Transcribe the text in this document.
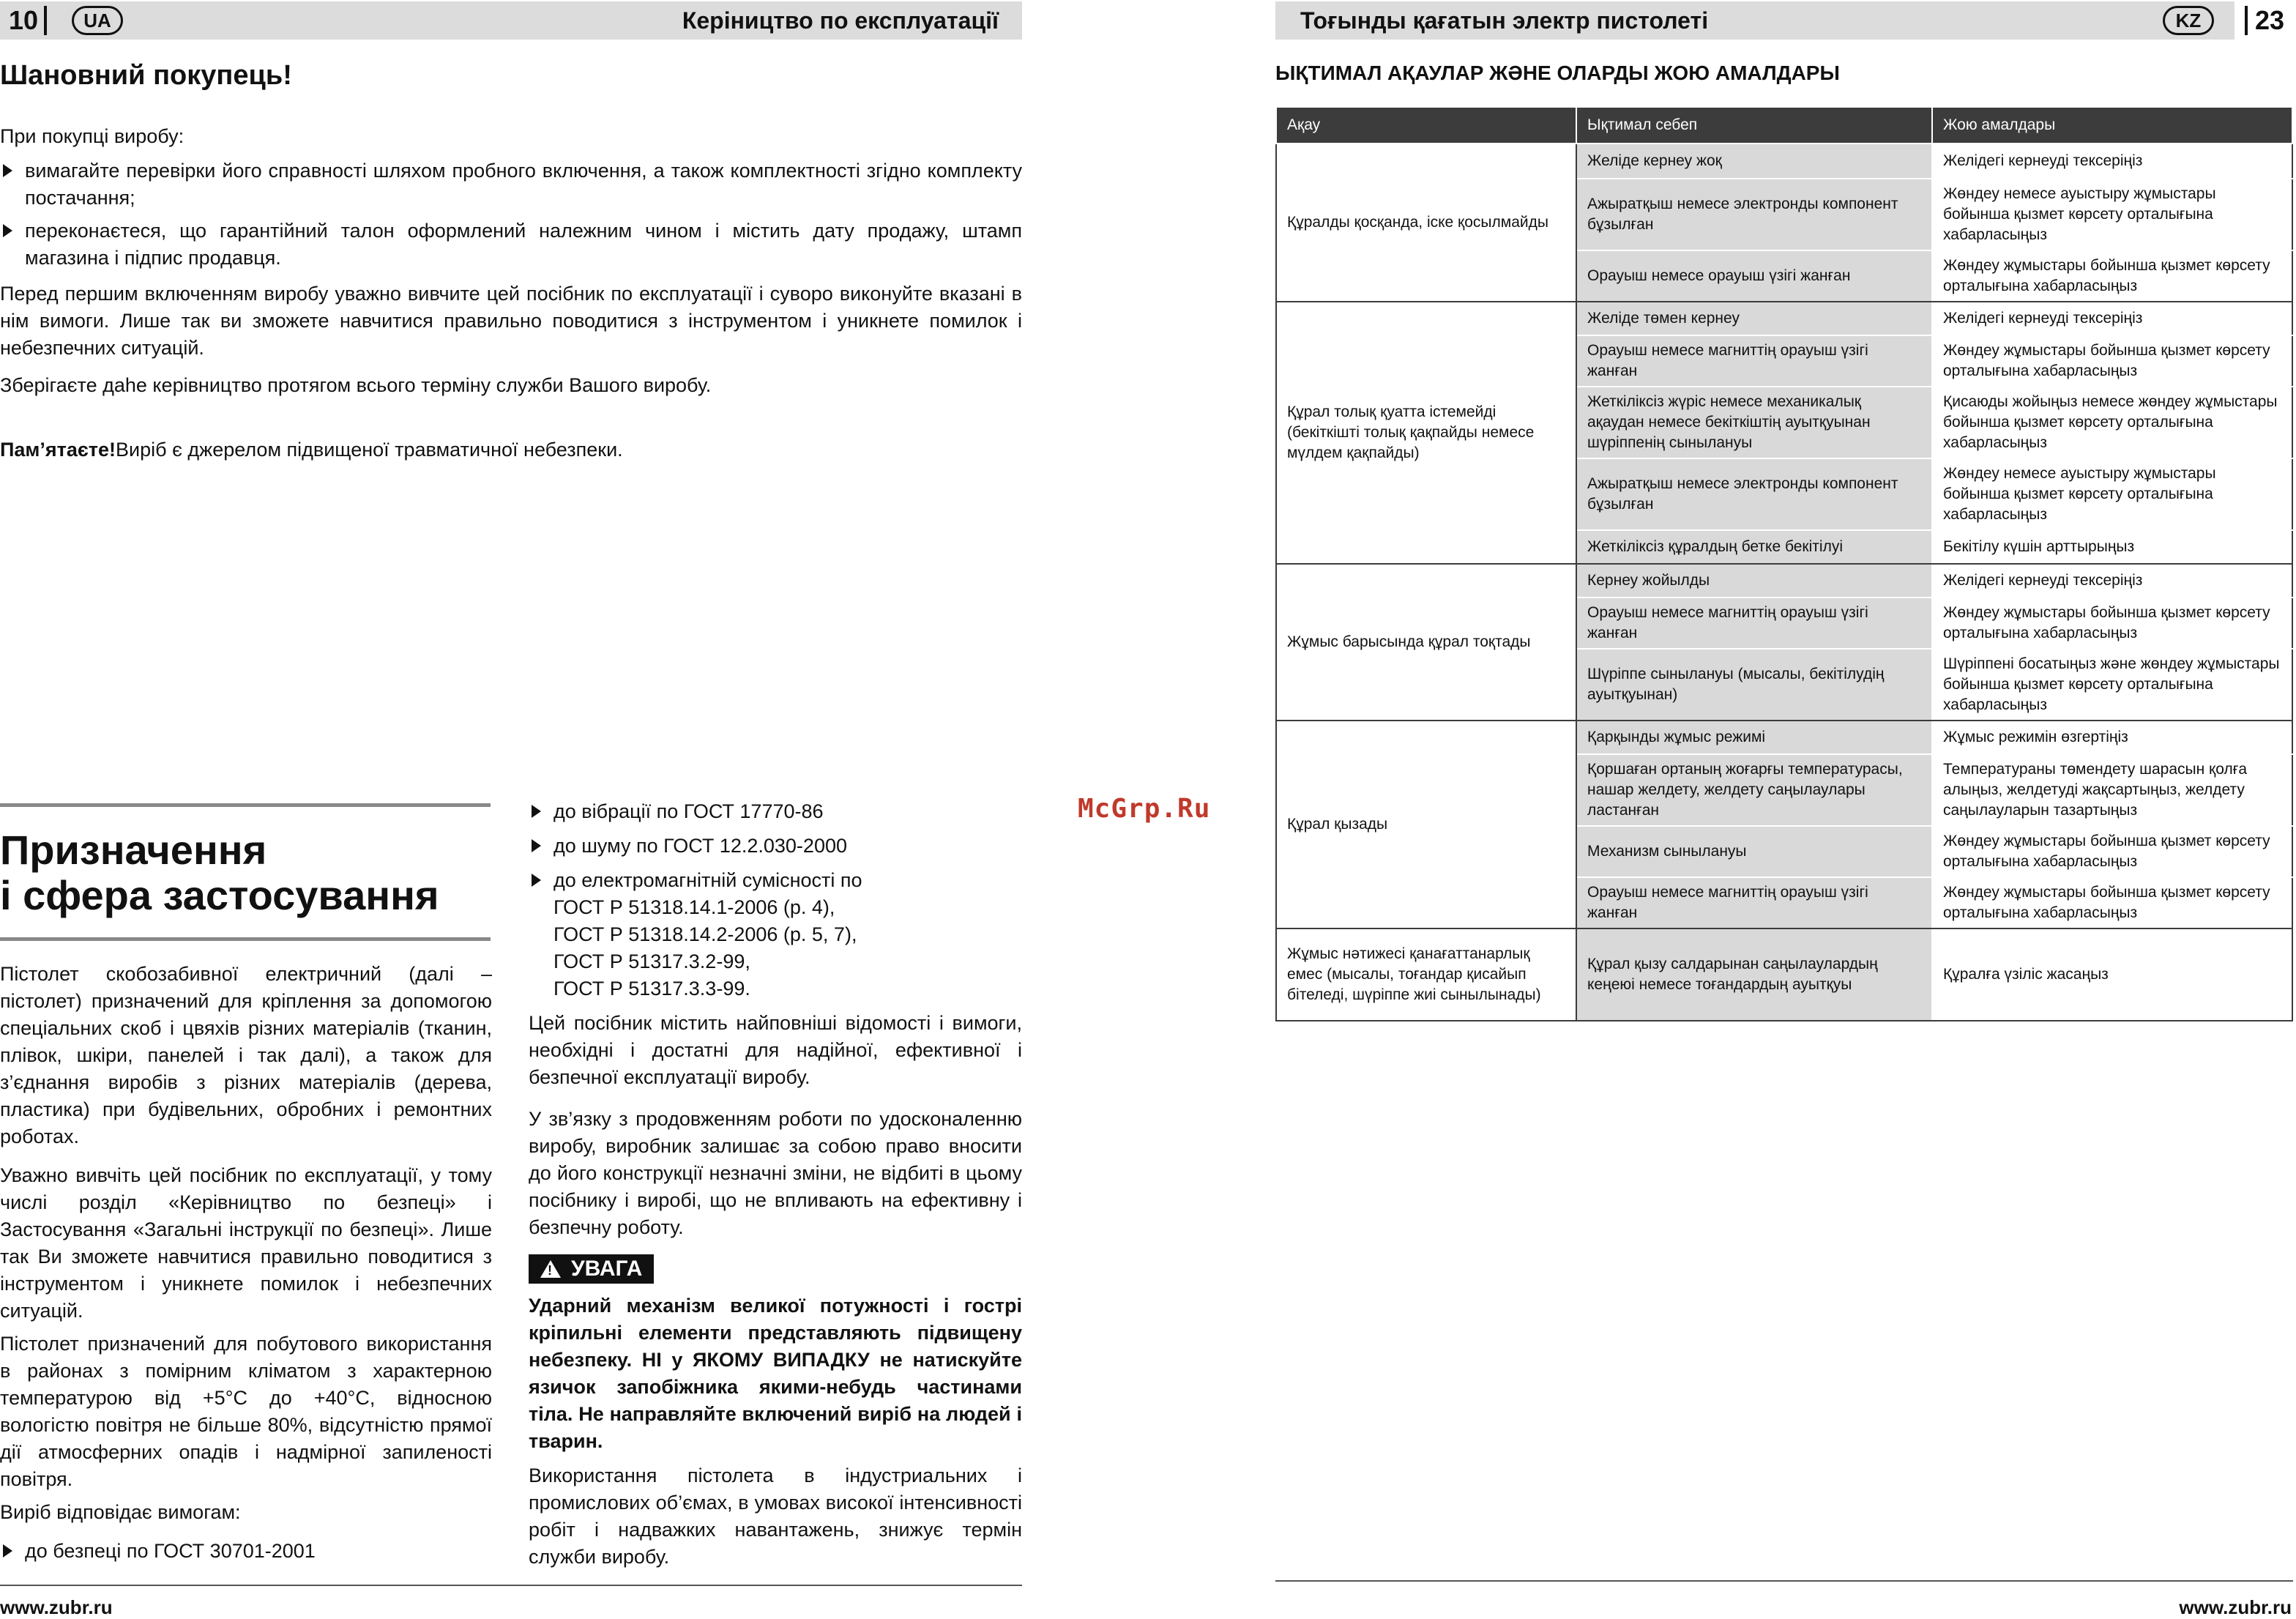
10	UA	Керіництво по експлуатації
Шановний покупець!

При покупці виробу:

вимагайте перевірки його справності шляхом пробного включення, а також комплектності згідно комплекту постачання;

переконаєтеся, що гарантійний талон оформлений належним чином і містить дату продажу, штамп магазина і підпис продавця.

Перед першим включенням виробу уважно вивчите цей посібник по експлуатації і суворо виконуйте вказані в нім вимоги. Лише так ви зможете навчитися правильно поводитися з інструментом і уникнете помилок і небезпечних ситуацій.

Зберігаєте даhe керівництво протягом всього терміну служби Вашого виробу.

Пам’ятаєте!Виріб є джерелом підвищеної травматичної небезпеки.

Призначення
і сфера застосування

Пістолет скобозабивної електричний (далі – пістолет) призначений для кріплення за допомогою спеціальних скоб і цвяхів різних матеріалів (тканин, плівок, шкіри, панелей і так далі), а також для з’єднання виробів з різних матеріалів (дерева, пластика) при будівельних, обробних і ремонтних роботах.

Уважно вивчіть цей посібник по експлуатації, у тому числі розділ «Керівництво по безпеці» і Застосування «Загальні інструкції по безпеці». Лише так Ви зможете навчитися правильно поводитися з інструментом і уникнете помилок і небезпечних ситуацій.

Пістолет призначений для побутового використання в районах з помірним кліматом з характерною температурою від +5°С до +40°С, відносною вологістю повітря не більше 80%, відсутністю прямої дії атмосферних опадів і надмірної запиленості повітря.

Виріб відповідає вимогам:

до безпеці по ГОСТ 30701-2001

до вібрації по ГОСТ 17770-86

до шуму по ГОСТ 12.2.030-2000

до електромагнітній сумісності по
ГОСТ Р 51318.14.1-2006 (р. 4),
ГОСТ Р 51318.14.2-2006 (р. 5, 7),
ГОСТ Р 51317.3.2-99,
ГОСТ Р 51317.3.3-99.

Цей посібник містить найповніші відомості і вимоги, необхідні і достатні для надійної, ефективної і безпечної експлуатації виробу.

У зв’язку з продовженням роботи по удосконаленню виробу, виробник залишає за собою право вносити до його конструкції незначні зміни, не відбиті в цьому посібнику і виробі, що не впливають на ефективну і безпечну роботу.

! УВАГА

Ударний механізм великої потужності і гострі кріпильні елементи представляють підвищену небезпеку. НІ у ЯКОМУ ВИПАДКУ не натискуйте язичок запобіжника якими-небудь частинами тіла. Не направляйте включений виріб на людей і тварин.

Використання пістолета в індустриальних і промислових об’ємах, в умовах високої інтенсивності робіт і надважких навантажень, знижує термін служби виробу.

www.zubr.ru
McGrp.Ru
Тоғынды қағатын электр пистолеті	KZ	23
ЫҚТИМАЛ АҚАУЛАР ЖӘНЕ ОЛАРДЫ ЖОЮ АМАЛДАРЫ
Ақау	Ықтимал себеп	Жою амалдары
Құралды қосқанда, іске қосылмайды	Желіде кернеу жоқ	Желідегі кернеуді тексеріңіз
	Ажыратқыш немесе электронды компонент бұзылған	Жөндеу немесе ауыстыру жұмыстары бойынша қызмет көрсету орталығына хабарласыңыз
	Орауыш немесе орауыш үзігі жанған	Жөндеу жұмыстары бойынша қызмет көрсету орталығына хабарласыңыз
Құрал толық қуатта істемейді (бекіткішті толық қақпайды немесе мүлдем қақпайды)	Желіде төмен кернеу	Желідегі кернеуді тексеріңіз
	Орауыш немесе магниттің орауыш үзігі жанған	Жөндеу жұмыстары бойынша қызмет көрсету орталығына хабарласыңыз
	Жеткіліксіз жүріс немесе механикалық ақаудан немесе бекіткіштің ауытқуынан шүріппенің сынылануы	Қисаюды жойыңыз немесе жөндеу жұмыстары бойынша қызмет көрсету орталығына хабарласыңыз
	Ажыратқыш немесе электронды компонент бұзылған	Жөндеу немесе ауыстыру жұмыстары бойынша қызмет көрсету орталығына хабарласыңыз
	Жеткіліксіз құралдың бетке бекітілуі	Бекітілу күшін арттырыңыз
Жұмыс барысында құрал тоқтады	Кернеу жойылды	Желідегі кернеуді тексеріңіз
	Орауыш немесе магниттің орауыш үзігі жанған	Жөндеу жұмыстары бойынша қызмет көрсету орталығына хабарласыңыз
	Шүріппе сынылануы (мысалы, бекітілудің ауытқуынан)	Шүріппені босатыңыз және жөндеу жұмыстары бойынша қызмет көрсету орталығына хабарласыңыз
Құрал қызады	Қарқынды жұмыс режимі	Жұмыс режимін өзгертіңіз
	Қоршаған ортаның жоғарғы температурасы, нашар желдету, желдету саңылаулары ластанған	Температураны төмендету шарасын қолға алыңыз, желдетуді жақсартыңыз, желдету саңылауларын тазартыңыз
	Механизм сынылануы	Жөндеу жұмыстары бойынша қызмет көрсету орталығына хабарласыңыз
	Орауыш немесе магниттің орауыш үзігі жанған	Жөндеу жұмыстары бойынша қызмет көрсету орталығына хабарласыңыз
Жұмыс нәтижесі қанағаттанарлық емес (мысалы, тоғандар қисайып бітеледі, шүріппе жиі сынылынады)	Құрал қызу салдарынан саңылаулардың кеңеюі немесе тоғандардың ауытқуы	Құралға үзіліс жасаңыз
www.zubr.ru
